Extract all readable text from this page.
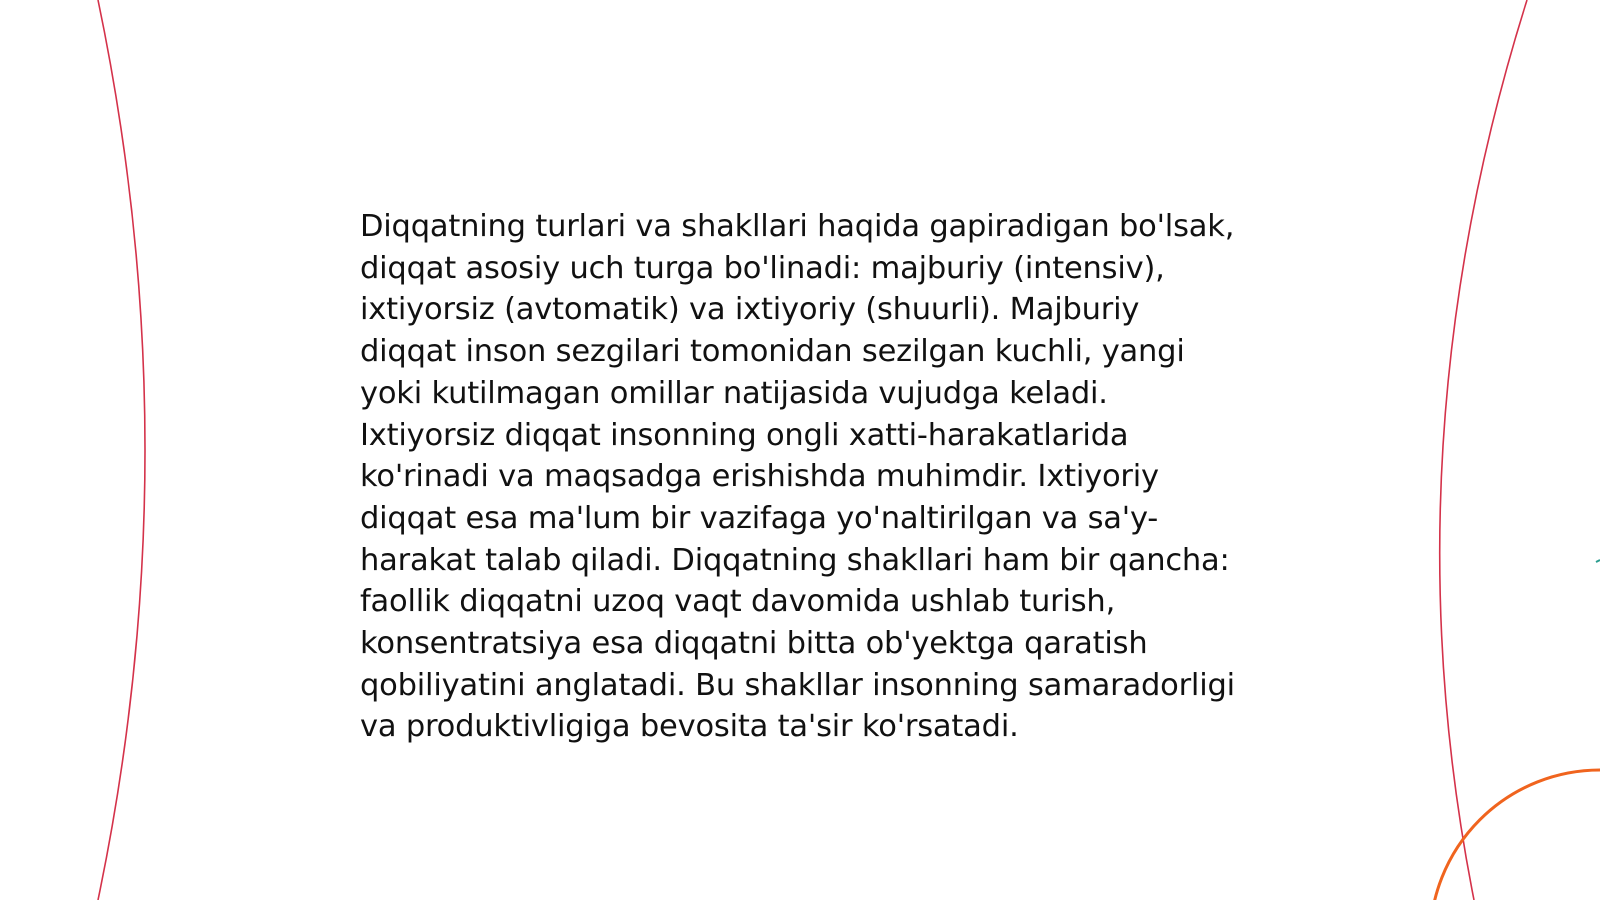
Diqqatning turlari va shakllari haqida gapiradigan bo'lsak, diqqat asosiy uch turga bo'linadi: majburiy (intensiv), ixtiyorsiz (avtomatik) va ixtiyoriy (shuurli). Majburiy diqqat inson sezgilari tomonidan sezilgan kuchli, yangi yoki kutilmagan omillar natijasida vujudga keladi. Ixtiyorsiz diqqat insonning ongli xatti-harakatlarida ko'rinadi va maqsadga erishishda muhimdir. Ixtiyoriy diqqat esa ma'lum bir vazifaga yo'naltirilgan va sa'y-harakat talab qiladi. Diqqatning shakllari ham bir qancha: faollik diqqatni uzoq vaqt davomida ushlab turish, konsentratsiya esa diqqatni bitta ob'yektga qaratish qobiliyatini anglatadi. Bu shakllar insonning samaradorligi va produktivligiga bevosita ta'sir ko'rsatadi.
